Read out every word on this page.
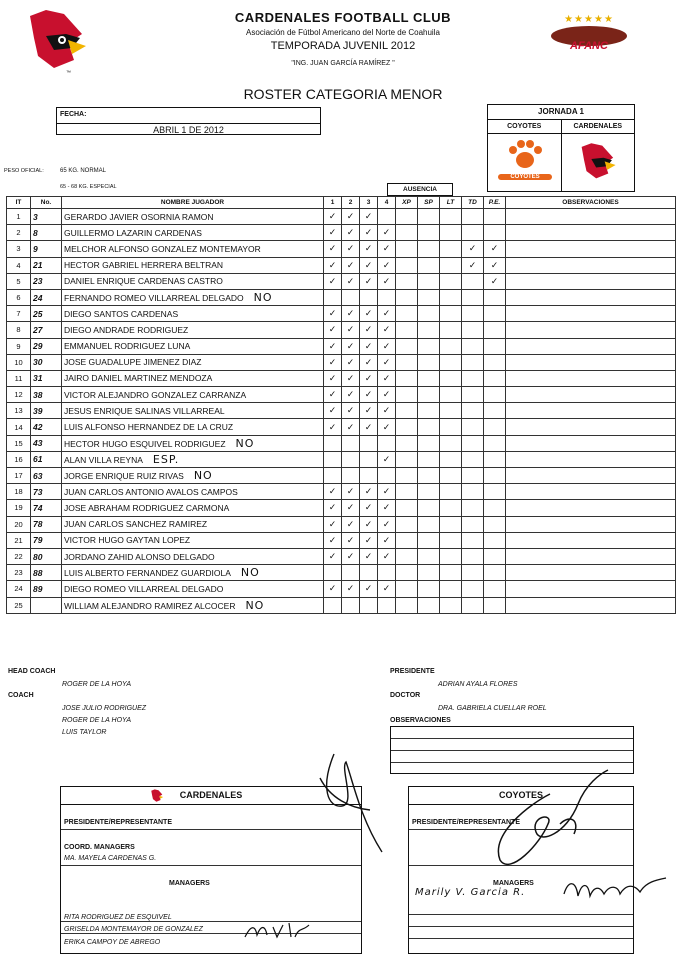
™
★★★★★
AFANC
CARDENALES FOOTBALL CLUB
Asociación de Fútbol Americano del Norte de Coahuila
TEMPORADA JUVENIL 2012
"ING. JUAN GARCÍA RAMÍREZ "
ROSTER CATEGORIA MENOR
FECHA:
ABRIL 1 DE 2012
JORNADA 1
COYOTES	CARDENALES
COYOTES
PESO OFICIAL:	65 KG. NORMAL
65 - 68 KG. ESPECIAL	AUSENCIA
IT	No.	NOMBRE JUGADOR	1	2	3	4	XP	SP	LT	TD	P.E.	OBSERVACIONES
1	3	GERARDO JAVIER OSORNIA RAMON	✓	✓	✓							
2	8	GUILLERMO LAZARIN CARDENAS	✓	✓	✓	✓						
3	9	MELCHOR ALFONSO GONZALEZ MONTEMAYOR	✓	✓	✓	✓				✓	✓	
4	21	HECTOR GABRIEL HERRERA BELTRAN	✓	✓	✓	✓				✓	✓	
5	23	DANIEL ENRIQUE CARDENAS CASTRO	✓	✓	✓	✓					✓	
6	24	FERNANDO ROMEO VILLARREAL DELGADO NO										
7	25	DIEGO SANTOS CARDENAS	✓	✓	✓	✓						
8	27	DIEGO ANDRADE RODRIGUEZ	✓	✓	✓	✓						
9	29	EMMANUEL RODRIGUEZ LUNA	✓	✓	✓	✓						
10	30	JOSE GUADALUPE JIMENEZ DIAZ	✓	✓	✓	✓						
11	31	JAIRO DANIEL MARTINEZ MENDOZA	✓	✓	✓	✓						
12	38	VICTOR ALEJANDRO GONZALEZ CARRANZA	✓	✓	✓	✓						
13	39	JESUS ENRIQUE SALINAS VILLARREAL	✓	✓	✓	✓						
14	42	LUIS ALFONSO HERNANDEZ DE LA CRUZ	✓	✓	✓	✓						
15	43	HECTOR HUGO ESQUIVEL RODRIGUEZ NO										
16	61	ALAN VILLA REYNA ESP.				✓						
17	63	JORGE ENRIQUE RUIZ RIVAS NO										
18	73	JUAN CARLOS ANTONIO AVALOS CAMPOS	✓	✓	✓	✓						
19	74	JOSE ABRAHAM RODRIGUEZ CARMONA	✓	✓	✓	✓						
20	78	JUAN CARLOS SANCHEZ RAMIREZ	✓	✓	✓	✓						
21	79	VICTOR HUGO GAYTAN LOPEZ	✓	✓	✓	✓						
22	80	JORDANO ZAHID ALONSO DELGADO	✓	✓	✓	✓						
23	88	LUIS ALBERTO FERNANDEZ GUARDIOLA NO										
24	89	DIEGO ROMEO VILLARREAL DELGADO	✓	✓	✓	✓						
25		WILLIAM ALEJANDRO RAMIREZ ALCOCER NO										
HEAD COACH
ROGER DE LA HOYA
COACH
JOSE JULIO RODRIGUEZ
ROGER DE LA HOYA
LUIS TAYLOR
PRESIDENTE
ADRIAN AYALA FLORES
DOCTOR
DRA. GABRIELA CUELLAR ROEL
OBSERVACIONES
CARDENALES
PRESIDENTE/REPRESENTANTE
COORD. MANAGERS
MA. MAYELA CARDENAS G.
MANAGERS
RITA RODRIGUEZ DE ESQUIVEL
GRISELDA MONTEMAYOR DE GONZALEZ
ERIKA CAMPOY DE ABREGO
COYOTES
PRESIDENTE/REPRESENTANTE
MANAGERS
Marily V. Garcia R.
